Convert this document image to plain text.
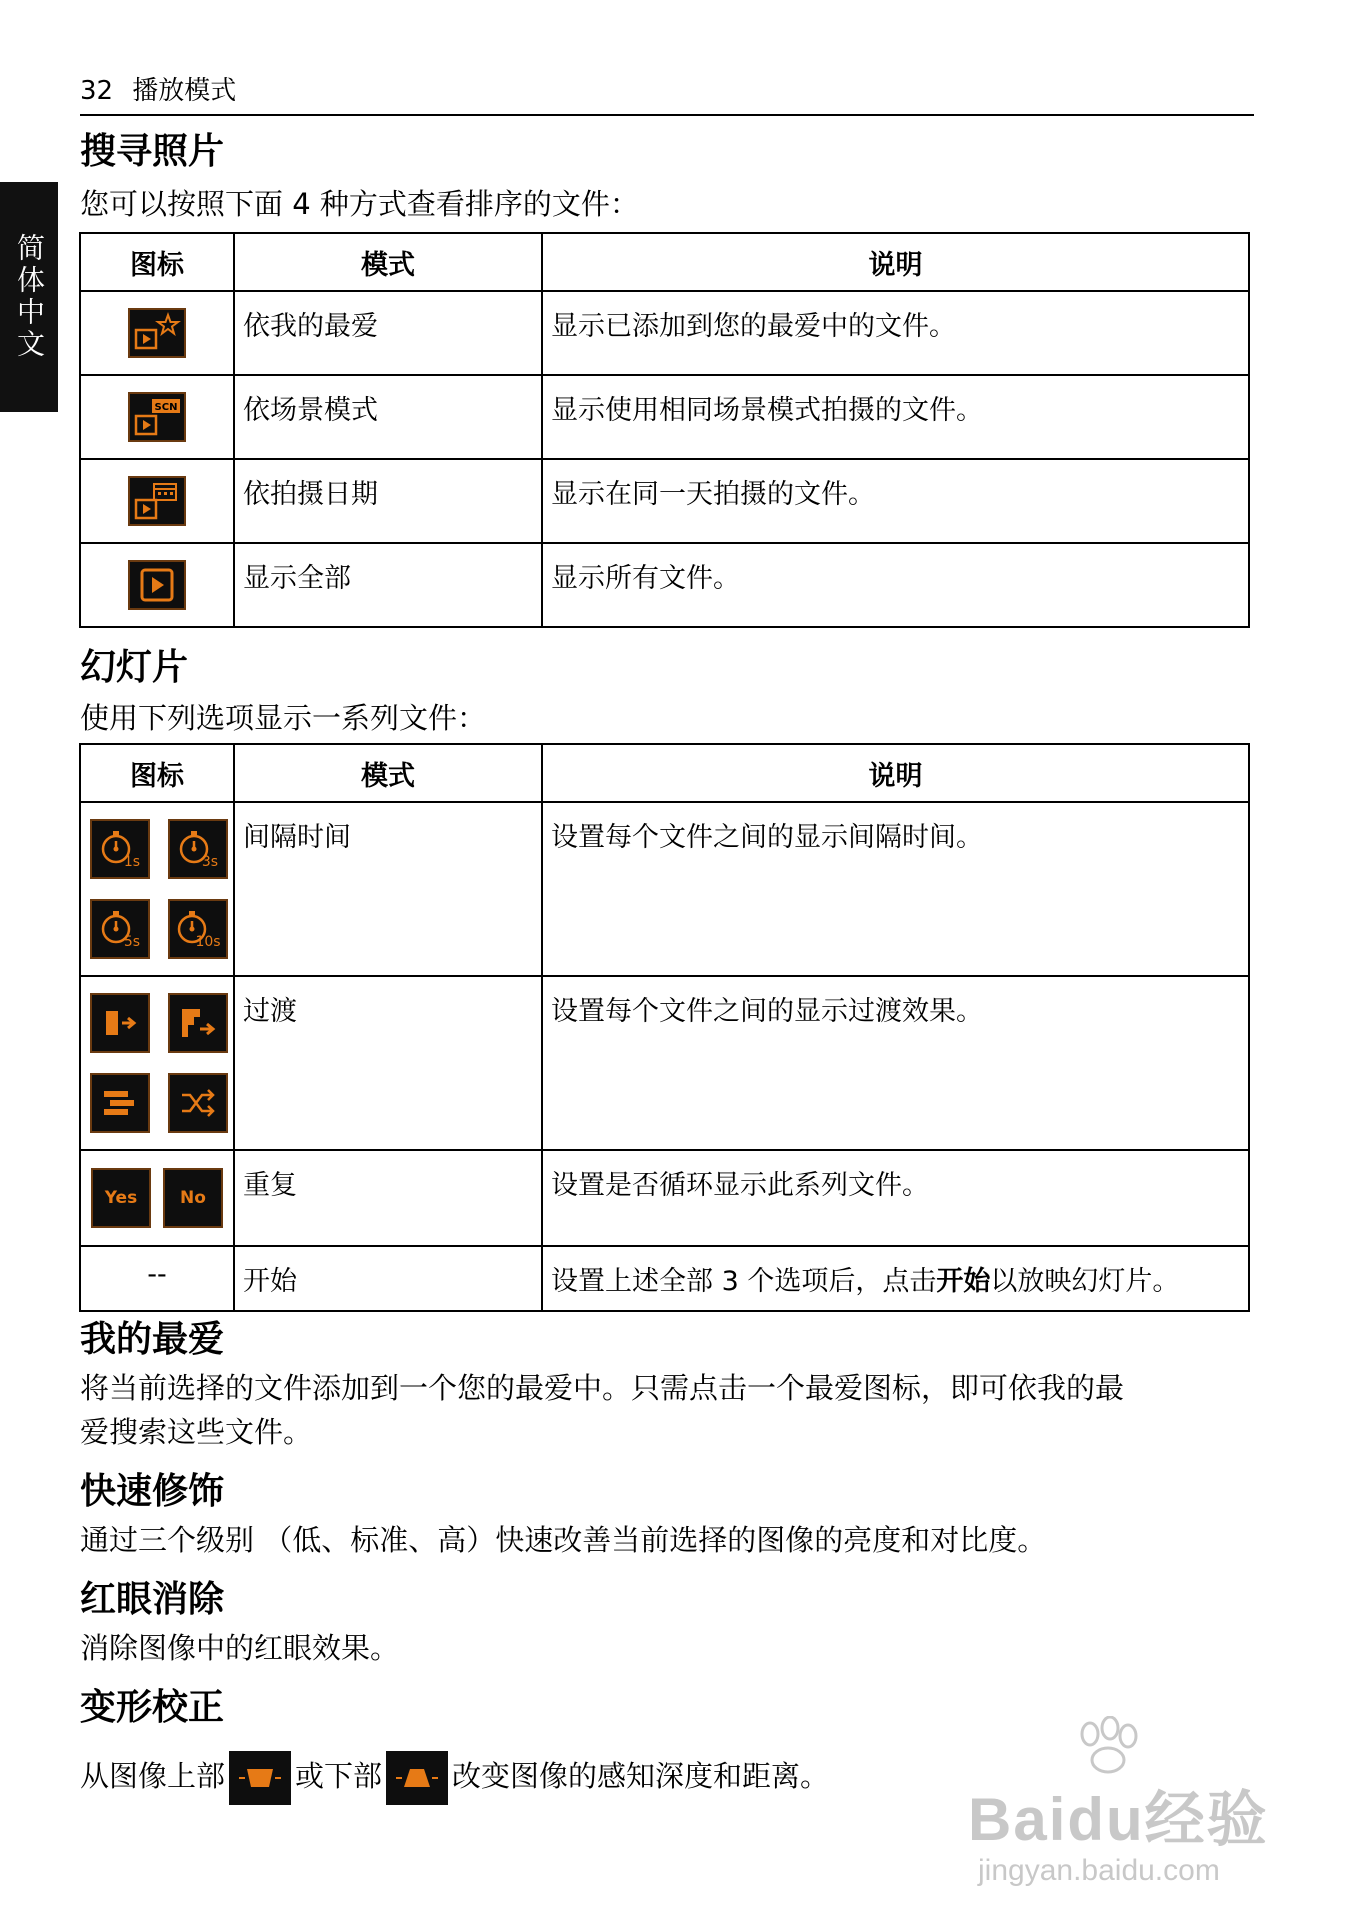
32 播放模式
简体中文
搜寻照片

您可以按照下面 4 种方式查看排序的文件：

图标	模式	说明

	依我的最爱	显示已添加到您的最爱中的文件。

SCN	依场景模式	显示使用相同场景模式拍摄的文件。

	依拍摄日期	显示在同一天拍摄的文件。

	显示全部	显示所有文件。
幻灯片

使用下列选项显示一系列文件：

图标	模式	说明

1s 3s
5s 10s	间隔时间	设置每个文件之间的显示间隔时间。

	过渡	设置每个文件之间的显示过渡效果。

Yes No	重复	设置是否循环显示此系列文件。
--	开始	设置上述全部 3 个选项后，点击开始以放映幻灯片。
我的最爱

将当前选择的文件添加到一个您的最爱中。只需点击一个最爱图标，即可依我的最

爱搜索这些文件。

快速修饰

通过三个级别 （低、标准、高）快速改善当前选择的图像的亮度和对比度。

红眼消除

消除图像中的红眼效果。

变形校正

从图像上部 或下部 改变图像的感知深度和距离。

Baidu经验
jingyan.baidu.com
